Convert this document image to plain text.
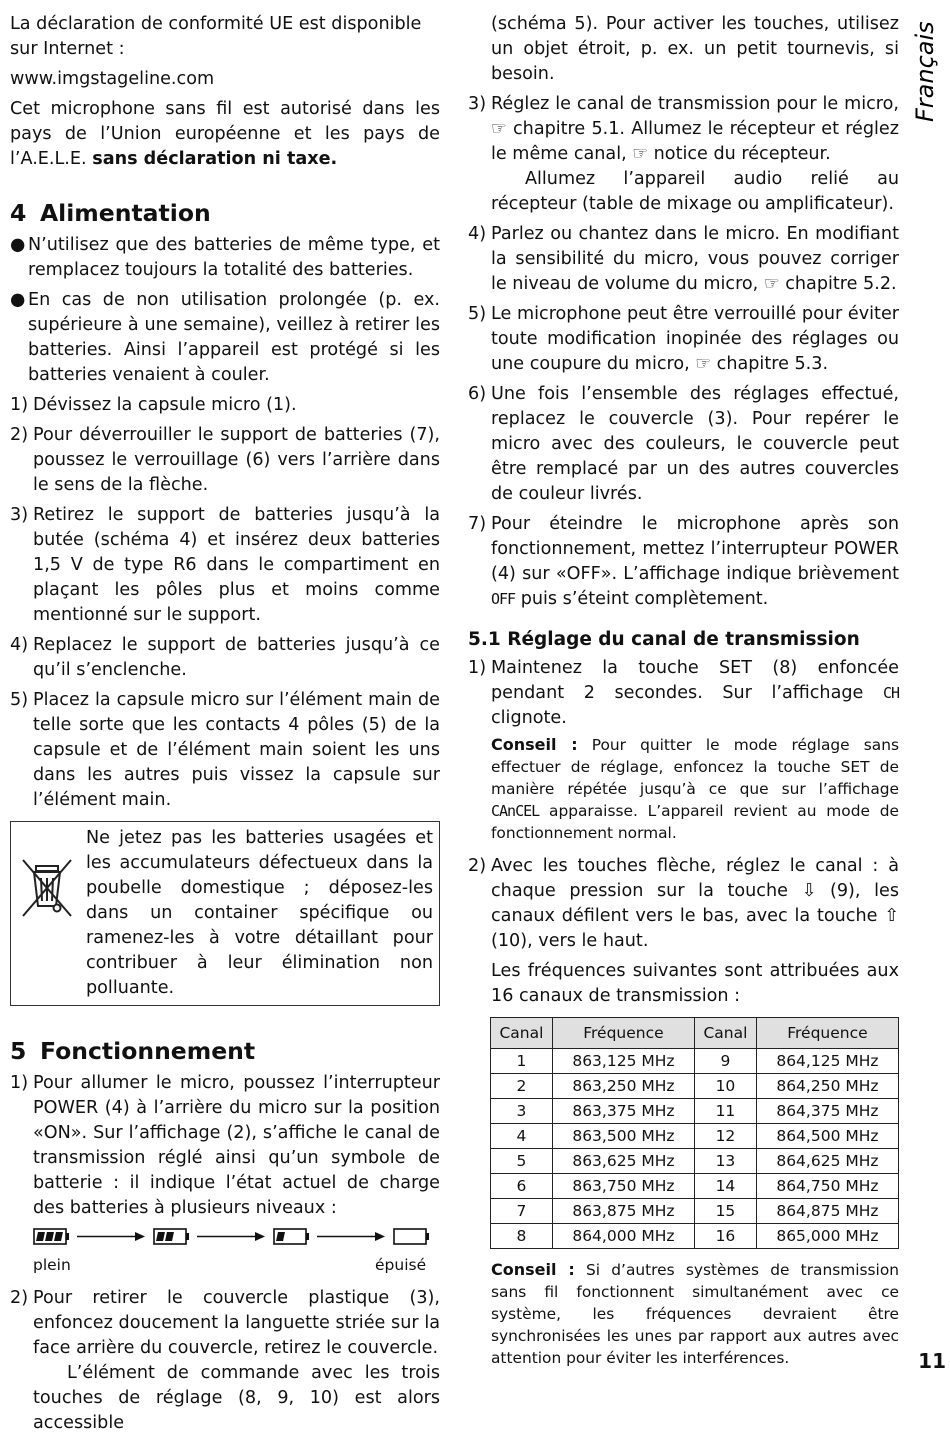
La déclaration de conformité UE est disponible sur Internet :

www.imgstageline.com

Cet microphone sans fil est autorisé dans les pays de l’Union européenne et les pays de l’A.E.L.E. sans déclaration ni taxe.

4 Alimentation
● N’utilisez que des batteries de même type, et remplacez toujours la totalité des batteries.
● En cas de non utilisation prolongée (p. ex. supérieure à une semaine), veillez à retirer les batteries. Ainsi l’appareil est protégé si les batteries venaient à couler.
1) Dévissez la capsule micro (1).
2) Pour déverrouiller le support de batteries (7), poussez le verrouillage (6) vers l’arrière dans le sens de la flèche.
3) Retirez le support de batteries jusqu’à la butée (schéma 4) et insérez deux batteries 1,5 V de type R6 dans le compartiment en plaçant les pôles plus et moins comme mentionné sur le support.
4) Replacez le support de batteries jusqu’à ce qu’il s’enclenche.
5) Placez la capsule micro sur l’élément main de telle sorte que les contacts 4 pôles (5) de la capsule et de l’élément main soient les uns dans les autres puis vissez la capsule sur l’élément main.
Ne jetez pas les batteries usagées et les accumulateurs défectueux dans la poubelle domestique ; déposez-les dans un container spécifique ou ramenez-les à votre détaillant pour contribuer à leur élimination non polluante.
5 Fonctionnement
1) Pour allumer le micro, poussez l’interrupteur POWER (4) à l’arrière du micro sur la position «ON». Sur l’affichage (2), s’affiche le canal de transmission réglé ainsi qu’un symbole de batterie : il indique l’état actuel de charge des batteries à plusieurs niveaux :
plein	épuisé
2) Pour retirer le couvercle plastique (3), enfoncez doucement la languette striée sur la face arrière du couvercle, retirez le couvercle.

L’élément de commande avec les trois touches de réglage (8, 9, 10) est alors accessible

(schéma 5). Pour activer les touches, utilisez un objet étroit, p. ex. un petit tournevis, si besoin.

3) Réglez le canal de transmission pour le micro, ☞ chapitre 5.1. Allumez le récepteur et réglez le même canal, ☞ notice du récepteur.

Allumez l’appareil audio relié au récepteur (table de mixage ou amplificateur).

4) Parlez ou chantez dans le micro. En modifiant la sensibilité du micro, vous pouvez corriger le niveau de volume du micro, ☞ chapitre 5.2.
5) Le microphone peut être verrouillé pour éviter toute modification inopinée des réglages ou une coupure du micro, ☞ chapitre 5.3.
6) Une fois l’ensemble des réglages effectué, replacez le couvercle (3). Pour repérer le micro avec des couleurs, le couvercle peut être remplacé par un des autres couvercles de couleur livrés.
7) Pour éteindre le microphone après son fonctionnement, mettez l’interrupteur POWER (4) sur «OFF». L’affichage indique brièvement OFF puis s’éteint complètement.
5.1 Réglage du canal de transmission
1) Maintenez la touche SET (8) enfoncée pendant 2 secondes. Sur l’affichage CH clignote.

Conseil : Pour quitter le mode réglage sans effectuer de réglage, enfoncez la touche SET de manière répétée jusqu’à ce que sur l’affichage CAnCEL apparaisse. L’appareil revient au mode de fonctionnement normal.

2) Avec les touches flèche, réglez le canal : à chaque pression sur la touche ⇩ (9), les canaux défilent vers le bas, avec la touche ⇧ (10), vers le haut.

Les fréquences suivantes sont attribuées aux 16 canaux de transmission :

Canal	Fréquence	Canal	Fréquence
1	863,125 MHz	9	864,125 MHz
2	863,250 MHz	10	864,250 MHz
3	863,375 MHz	11	864,375 MHz
4	863,500 MHz	12	864,500 MHz
5	863,625 MHz	13	864,625 MHz
6	863,750 MHz	14	864,750 MHz
7	863,875 MHz	15	864,875 MHz
8	864,000 MHz	16	865,000 MHz

Conseil : Si d’autres systèmes de transmission sans fil fonctionnent simultanément avec ce système, les fréquences devraient être synchronisées les unes par rapport aux autres avec attention pour éviter les interférences.

Français
11
